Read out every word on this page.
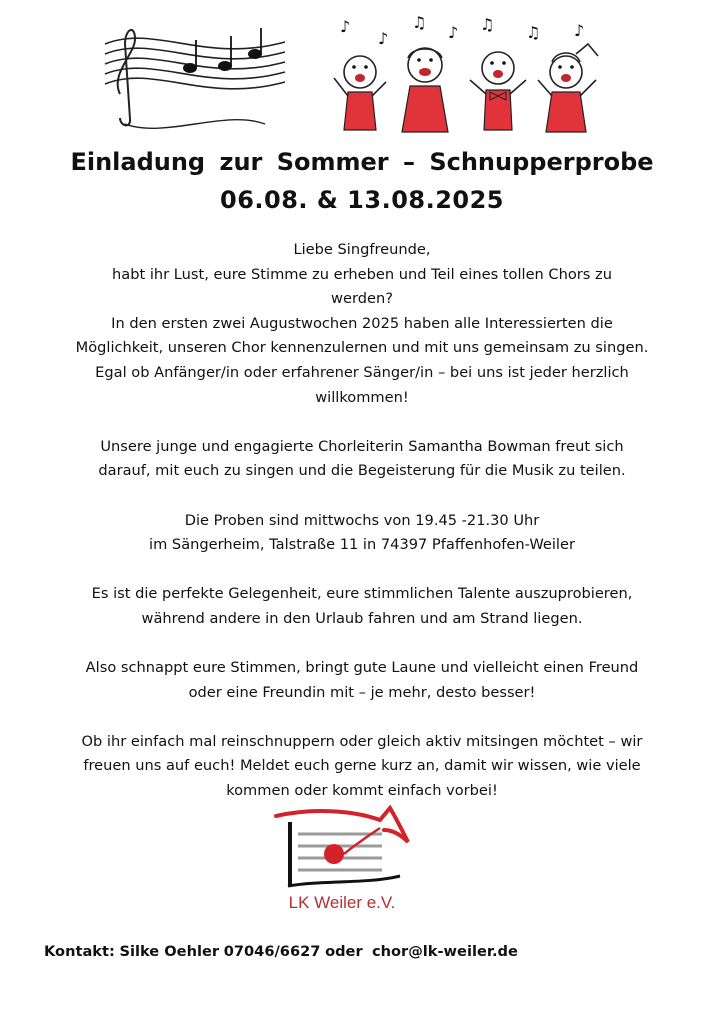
♪
♪
♫
♪ ♫ ♫ ♪
Einladung zur Sommer – Schnupperprobe
06.08. & 13.08.2025

Liebe Singfreunde,
habt ihr Lust, eure Stimme zu erheben und Teil eines tollen Chors zu
werden?
In den ersten zwei Augustwochen 2025 haben alle Interessierten die
Möglichkeit, unseren Chor kennenzulernen und mit uns gemeinsam zu singen.
Egal ob Anfänger/in oder erfahrener Sänger/in – bei uns ist jeder herzlich
willkommen!

Unsere junge und engagierte Chorleiterin Samantha Bowman freut sich
darauf, mit euch zu singen und die Begeisterung für die Musik zu teilen.

Die Proben sind mittwochs von 19.45 -21.30 Uhr
im Sängerheim, Talstraße 11 in 74397 Pfaffenhofen-Weiler

Es ist die perfekte Gelegenheit, eure stimmlichen Talente auszuprobieren,
während andere in den Urlaub fahren und am Strand liegen.

Also schnappt eure Stimmen, bringt gute Laune und vielleicht einen Freund
oder eine Freundin mit – je mehr, desto besser!

Ob ihr einfach mal reinschnuppern oder gleich aktiv mitsingen möchtet – wir
freuen uns auf euch! Meldet euch gerne kurz an, damit wir wissen, wie viele
kommen oder kommt einfach vorbei!

LK Weiler e.V.
Kontakt: Silke Oehler 07046/6627 oder chor@lk-weiler.de
